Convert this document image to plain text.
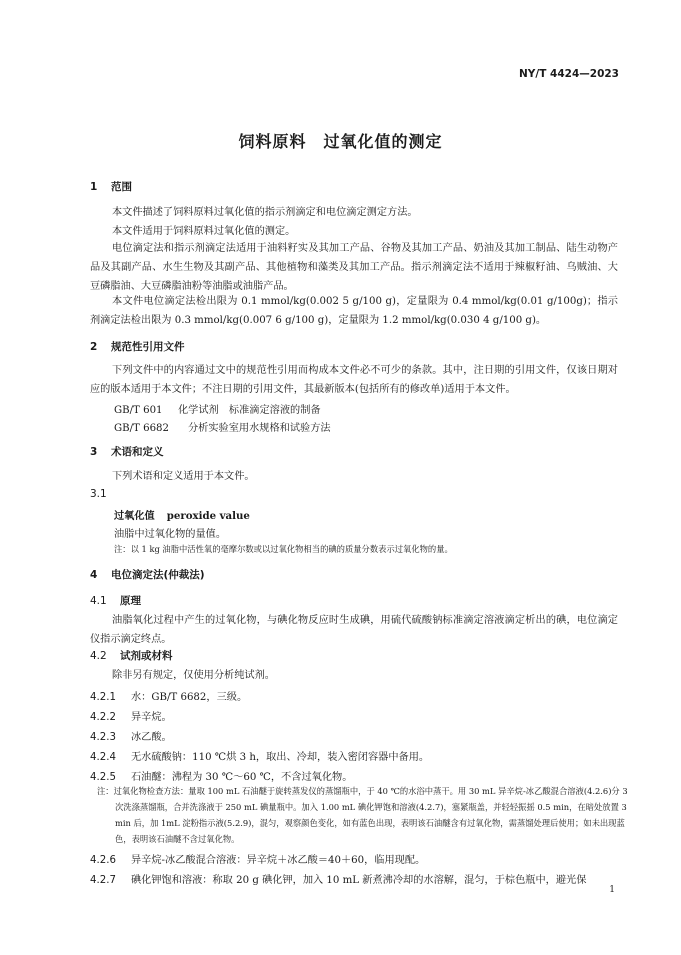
NY/T 4424—2023
饲料原料　过氧化值的测定
1 范围
本文件描述了饲料原料过氧化值的指示剂滴定和电位滴定测定方法。
本文件适用于饲料原料过氧化值的测定。
电位滴定法和指示剂滴定法适用于油料籽实及其加工产品、谷物及其加工产品、奶油及其加工制品、陆生动物产品及其副产品、水生生物及其副产品、其他植物和藻类及其加工产品。指示剂滴定法不适用于辣椒籽油、乌贼油、大豆磷脂油、大豆磷脂油粉等油脂或油脂产品。
本文件电位滴定法检出限为 0.1 mmol/kg(0.002 5 g/100 g)，定量限为 0.4 mmol/kg(0.01 g/100g)；指示剂滴定法检出限为 0.3 mmol/kg(0.007 6 g/100 g)，定量限为 1.2 mmol/kg(0.030 4 g/100 g)。
2 规范性引用文件
下列文件中的内容通过文中的规范性引用而构成本文件必不可少的条款。其中，注日期的引用文件，仅该日期对应的版本适用于本文件；不注日期的引用文件，其最新版本(包括所有的修改单)适用于本文件。
GB/T 601 化学试剂　标准滴定溶液的制备
GB/T 6682 分析实验室用水规格和试验方法
3 术语和定义
下列术语和定义适用于本文件。
3.1
过氧化值 peroxide value
油脂中过氧化物的量值。
注：以 1 kg 油脂中活性氧的毫摩尔数或以过氧化物相当的碘的质量分数表示过氧化物的量。
4 电位滴定法(仲裁法)
4.1 原理
油脂氧化过程中产生的过氧化物，与碘化物反应时生成碘，用硫代硫酸钠标准滴定溶液滴定析出的碘，电位滴定仪指示滴定终点。
4.2 试剂或材料
除非另有规定，仅使用分析纯试剂。
4.2.1 水：GB/T 6682，三级。
4.2.2 异辛烷。
4.2.3 冰乙酸。
4.2.4 无水硫酸钠：110 ℃烘 3 h，取出、冷却，装入密闭容器中备用。
4.2.5 石油醚：沸程为 30 ℃～60 ℃，不含过氧化物。
注：过氧化物检查方法：量取 100 mL 石油醚于旋转蒸发仪的蒸馏瓶中，于 40 ℃的水浴中蒸干。用 30 mL 异辛烷-冰乙酸混合溶液(4.2.6)分 3 次洗涤蒸馏瓶，合并洗涤液于 250 mL 碘量瓶中。加入 1.00 mL 碘化钾饱和溶液(4.2.7)，塞紧瓶盖，并轻轻振摇 0.5 min，在暗处放置 3 min 后，加 1mL 淀粉指示液(5.2.9)，混匀，观察颜色变化，如有蓝色出现，表明该石油醚含有过氧化物，需蒸馏处理后使用；如未出现蓝色，表明该石油醚不含过氧化物。
4.2.6 异辛烷-冰乙酸混合溶液：异辛烷＋冰乙酸＝40＋60，临用现配。
4.2.7 碘化钾饱和溶液：称取 20 g 碘化钾，加入 10 mL 新煮沸冷却的水溶解，混匀，于棕色瓶中，避光保
1
